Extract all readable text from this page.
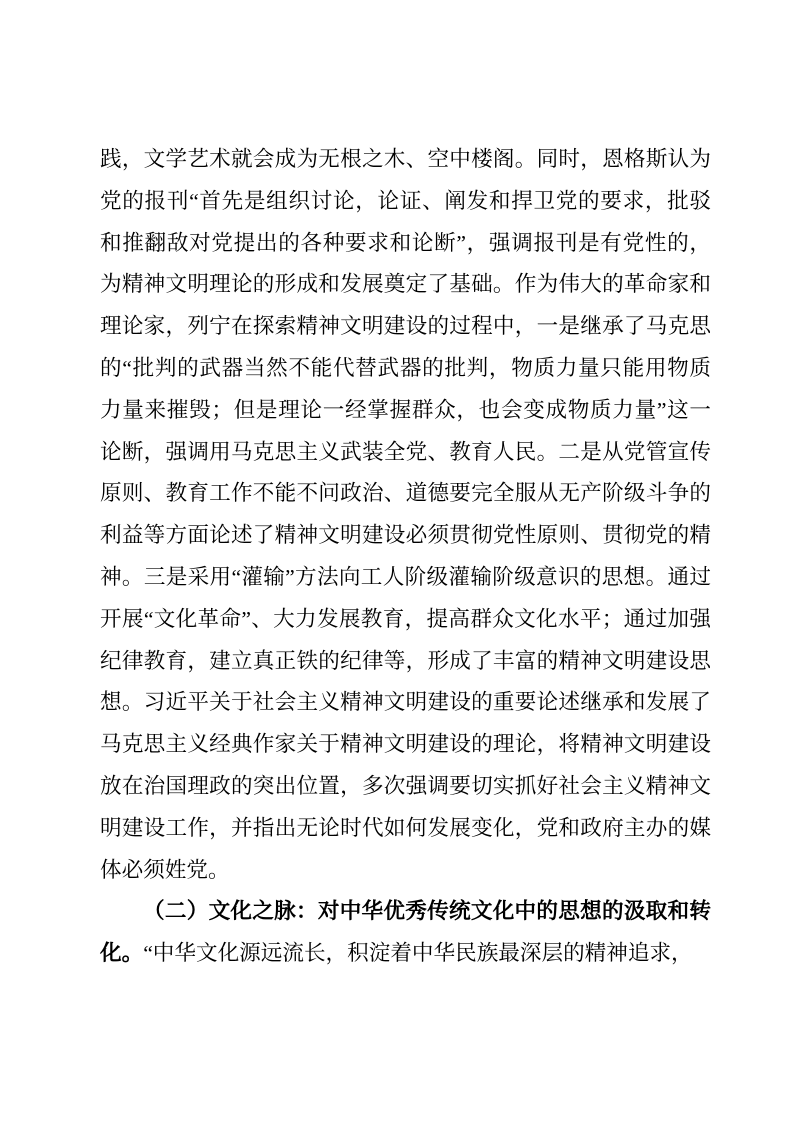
践，文学艺术就会成为无根之木、空中楼阁。同时，恩格斯认为党的报刊“首先是组织讨论，论证、阐发和捍卫党的要求，批驳和推翻敌对党提出的各种要求和论断”，强调报刊是有党性的，为精神文明理论的形成和发展奠定了基础。作为伟大的革命家和理论家，列宁在探索精神文明建设的过程中，一是继承了马克思的“批判的武器当然不能代替武器的批判，物质力量只能用物质力量来摧毁；但是理论一经掌握群众，也会变成物质力量”这一论断，强调用马克思主义武装全党、教育人民。二是从党管宣传原则、教育工作不能不问政治、道德要完全服从无产阶级斗争的利益等方面论述了精神文明建设必须贯彻党性原则、贯彻党的精神。三是采用“灌输”方法向工人阶级灌输阶级意识的思想。通过开展“文化革命”、大力发展教育，提高群众文化水平；通过加强纪律教育，建立真正铁的纪律等，形成了丰富的精神文明建设思想。习近平关于社会主义精神文明建设的重要论述继承和发展了马克思主义经典作家关于精神文明建设的理论，将精神文明建设放在治国理政的突出位置，多次强调要切实抓好社会主义精神文明建设工作，并指出无论时代如何发展变化，党和政府主办的媒体必须姓党。

（二）文化之脉：对中华优秀传统文化中的思想的汲取和转化。“中华文化源远流长，积淀着中华民族最深层的精神追求，
